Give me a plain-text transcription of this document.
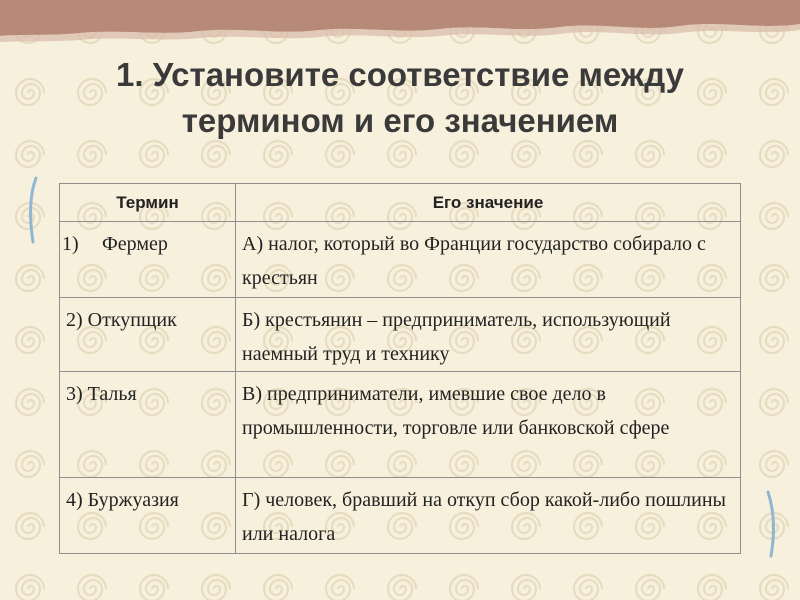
1. Установите соответствие между
термином и его значением
Термин	Его значение
1) Фермер	А) налог, который во Франции государство собирало с крестьян
2) Откупщик	Б) крестьянин – предприниматель, использующий наемный труд и технику
3) Талья	В) предприниматели, имевшие свое дело в промышленности, торговле или банковской сфере
4) Буржуазия	Г) человек, бравший на откуп сбор какой-либо пошлины или налога
